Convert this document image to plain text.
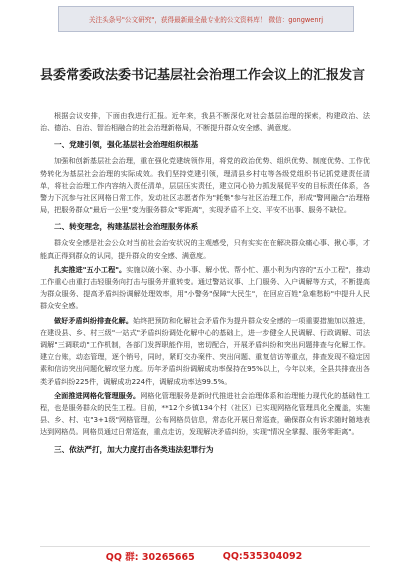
关注头条号"公文研究"，获得最新最全最专业的公文资料库！ 微信：gongwenrj
县委常委政法委书记基层社会治理工作会议上的汇报发言
根据会议安排，下面由我进行汇报。近年来，我县不断深化对社会基层治理的探索，构建政治、法治、德治、自治、智治相融合的社会治理新格局，不断提升群众安全感、满意度。
一、党建引领，强化基层社会治理组织根基
加强和创新基层社会治理，重在强化党建统领作用，将党的政治优势、组织优势、制度优势、工作优势转化为基层社会治理的实际成效。我们坚持党建引领，理清县乡村屯等各级党组织书记抓党建责任清单，将社会治理工作内容纳入责任清单，层层压实责任，建立同心协力抓发展促平安的目标责任体系，各警力下沉参与社区网格日常工作，发动社区志愿者作为"耗集"参与社区治理工作，形成"警网融合"治理格局，把服务群众"最后一公里"变为服务群众"零距离"，实现矛盾不上交、平安不出事、服务不缺位。
二、转变理念，构建基层社会治理服务体系
群众安全感是社会公众对当前社会治安状况的主观感受，只有实实在在解决群众痛心事、揪心事，才能真正得到群众的认同，提升群众的安全感、满意度。
扎实推进"五小工程"。实施以破小案、办小事、解小忧、帮小忙、惠小利为内容的"五小工程"，推动工作重心由重打击轻服务向打击与服务并重转变。通过警站议事、上门服务、入户调解等方式，不断提高为群众服务、提高矛盾纠纷调解处理效率，用"小警务"保障"大民生"，在回应百姓"急难愁盼"中提升人民群众安全感。
做好矛盾纠纷排查化解。始终把预防和化解社会矛盾作为提升群众安全感的一项重要措施加以推进，在建设县、乡、村三级"一站式"矛盾纠纷调处化解中心的基础上，进一步健全人民调解、行政调解、司法调解"三调联动"工作机制，各部门发挥职能作用，密切配合，开展矛盾纠纷和突出问题排查与化解工作。建立台账，动态管理，逐个销号，同时，紧盯交办案件、突出问题、重复信访等重点，排查发现不稳定因素和信访突出问题化解攻坚力度。历年矛盾纠纷调解成功率保持在95%以上，今年以来，全县共排查出各类矛盾纠纷225件，调解成功224件，调解成功率达99.5%。
全面推进网格化管理服务。网格化管理服务是新时代推进社会治理体系和治理能力现代化的基础性工程，也是服务群众的民生工程。目前，**12个乡镇134个村（社区）已实现网格化管理具化全覆盖，实施县、乡、村、屯"3+1级"网格管理，公布网格员信息，常态化开展日常巡查，确保群众有诉求随时随地表达到网格员。网格员通过日常巡查，重点走访，发现解决矛盾纠纷，实现"情况全掌握、服务零距离"。
三、依法严打，加大力度打击各类违法犯罪行为
QQ 群: 30265665	QQ:535304092
